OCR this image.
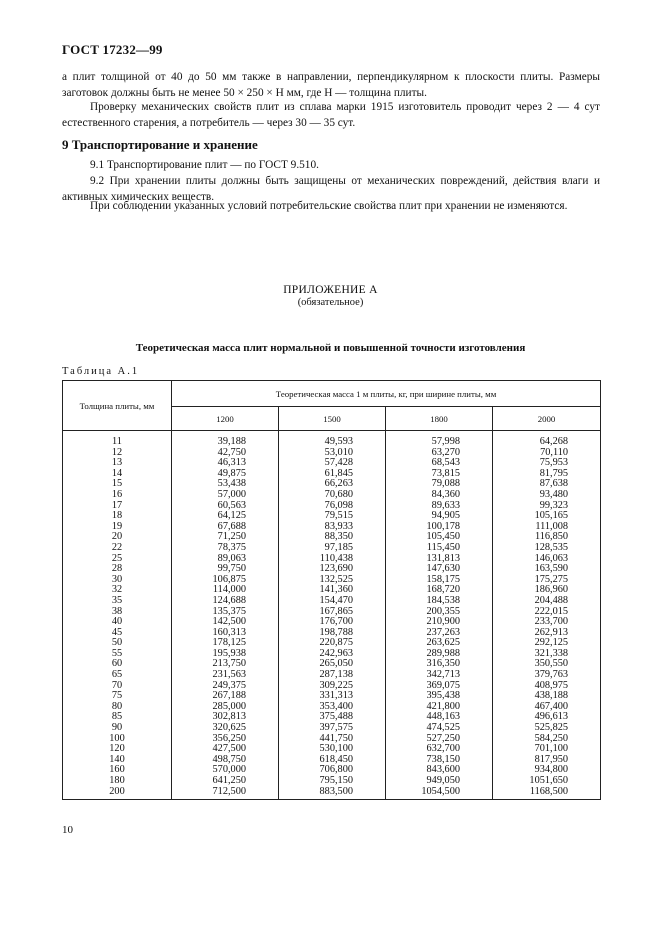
ГОСТ 17232—99
а плит толщиной от 40 до 50 мм также в направлении, перпендикулярном к плоскости плиты. Размеры заготовок должны быть не менее 50 × 250 × H мм, где H — толщина плиты.
Проверку механических свойств плит из сплава марки 1915 изготовитель проводит через 2 — 4 сут естественного старения, а потребитель — через 30 — 35 сут.
9 Транспортирование и хранение
9.1 Транспортирование плит — по ГОСТ 9.510.
9.2 При хранении плиты должны быть защищены от механических повреждений, действия влаги и активных химических веществ.
При соблюдении указанных условий потребительские свойства плит при хранении не изменяются.
ПРИЛОЖЕНИЕ А
(обязательное)
Теоретическая масса плит нормальной и повышенной точности изготовления
Таблица А.1
Толщина плиты, мм	Теоретическая масса 1 м плиты, кг, при ширине плиты, мм			
	1200	1500	1800	2000
11	39,188	49,593	57,998	64,268
12	42,750	53,010	63,270	70,110
13	46,313	57,428	68,543	75,953
14	49,875	61,845	73,815	81,795
15	53,438	66,263	79,088	87,638
16	57,000	70,680	84,360	93,480
17	60,563	76,098	89,633	99,323
18	64,125	79,515	94,905	105,165
19	67,688	83,933	100,178	111,008
20	71,250	88,350	105,450	116,850
22	78,375	97,185	115,450	128,535
25	89,063	110,438	131,813	146,063
28	99,750	123,690	147,630	163,590
30	106,875	132,525	158,175	175,275
32	114,000	141,360	168,720	186,960
35	124,688	154,470	184,538	204,488
38	135,375	167,865	200,355	222,015
40	142,500	176,700	210,900	233,700
45	160,313	198,788	237,263	262,913
50	178,125	220,875	263,625	292,125
55	195,938	242,963	289,988	321,338
60	213,750	265,050	316,350	350,550
65	231,563	287,138	342,713	379,763
70	249,375	309,225	369,075	408,975
75	267,188	331,313	395,438	438,188
80	285,000	353,400	421,800	467,400
85	302,813	375,488	448,163	496,613
90	320,625	397,575	474,525	525,825
100	356,250	441,750	527,250	584,250
120	427,500	530,100	632,700	701,100
140	498,750	618,450	738,150	817,950
160	570,000	706,800	843,600	934,800
180	641,250	795,150	949,050	1051,650
200	712,500	883,500	1054,500	1168,500
10
